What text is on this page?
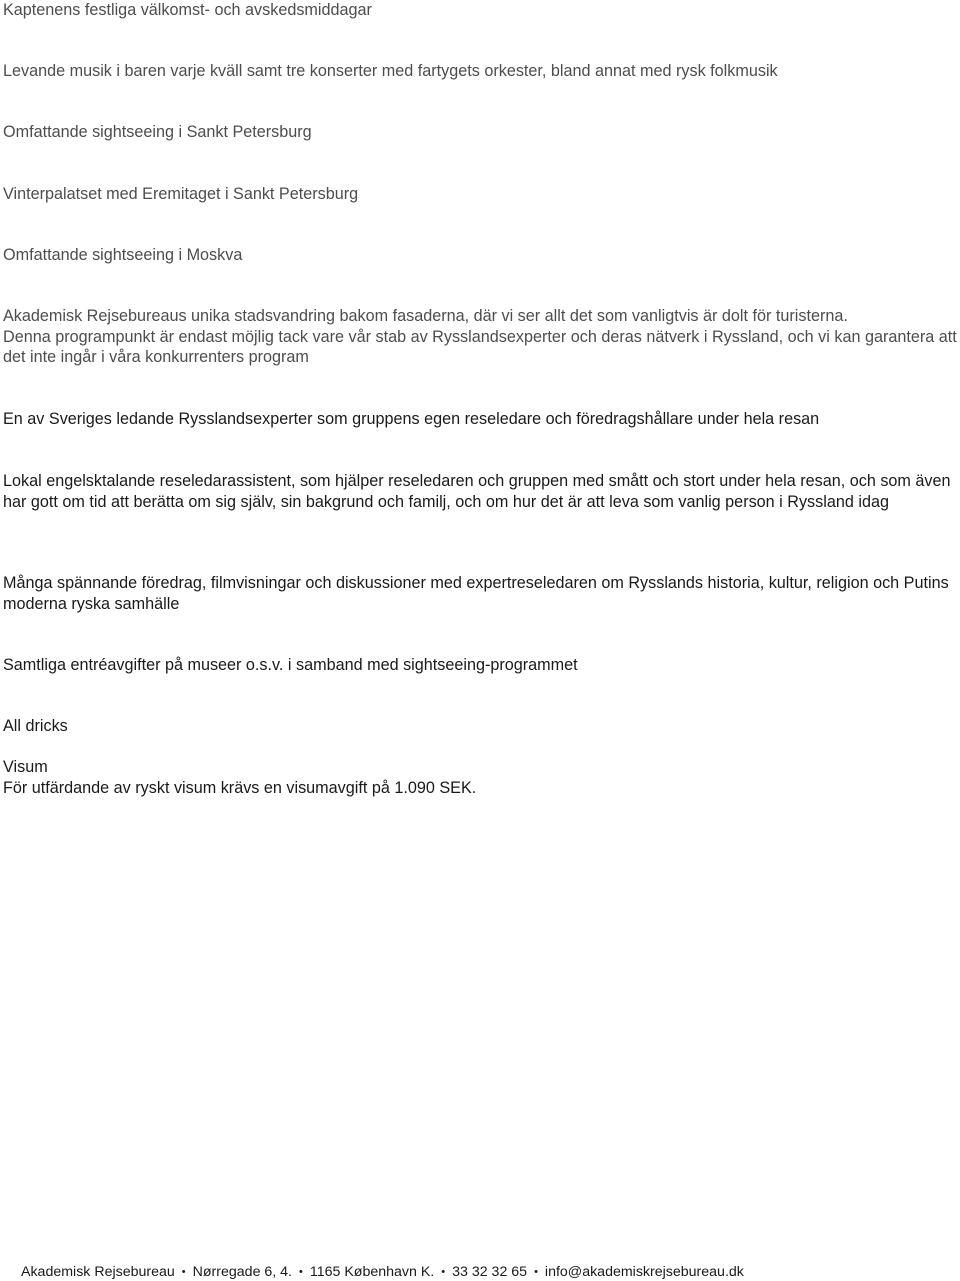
Kaptenens festliga välkomst- och avskedsmiddagar

Levande musik i baren varje kväll samt tre konserter med fartygets orkester, bland annat med rysk folkmusik

Omfattande sightseeing i Sankt Petersburg

Vinterpalatset med Eremitaget i Sankt Petersburg

Omfattande sightseeing i Moskva

Akademisk Rejsebureaus unika stadsvandring bakom fasaderna, där vi ser allt det som vanligtvis är dolt för turisterna.

Denna programpunkt är endast möjlig tack vare vår stab av Rysslandsexperter och deras nätverk i Ryssland, och vi kan garantera att det inte ingår i våra konkurrenters program

En av Sveriges ledande Rysslandsexperter som gruppens egen reseledare och föredragshållare under hela resan

Lokal engelsktalande reseledarassistent, som hjälper reseledaren och gruppen med smått och stort under hela resan, och som även har gott om tid att berätta om sig själv, sin bakgrund och familj, och om hur det är att leva som vanlig person i Ryssland idag

Många spännande föredrag, filmvisningar och diskussioner med expertreseledaren om Rysslands historia, kultur, religion och Putins moderna ryska samhälle

Samtliga entréavgifter på museer o.s.v. i samband med sightseeing-programmet

All dricks

Visum

För utfärdande av ryskt visum krävs en visumavgift på 1.090 SEK.

Akademisk Rejsebureau • Nørregade 6, 4. • 1165 København K. • 33 32 32 65 • info@akademiskrejsebureau.dk
